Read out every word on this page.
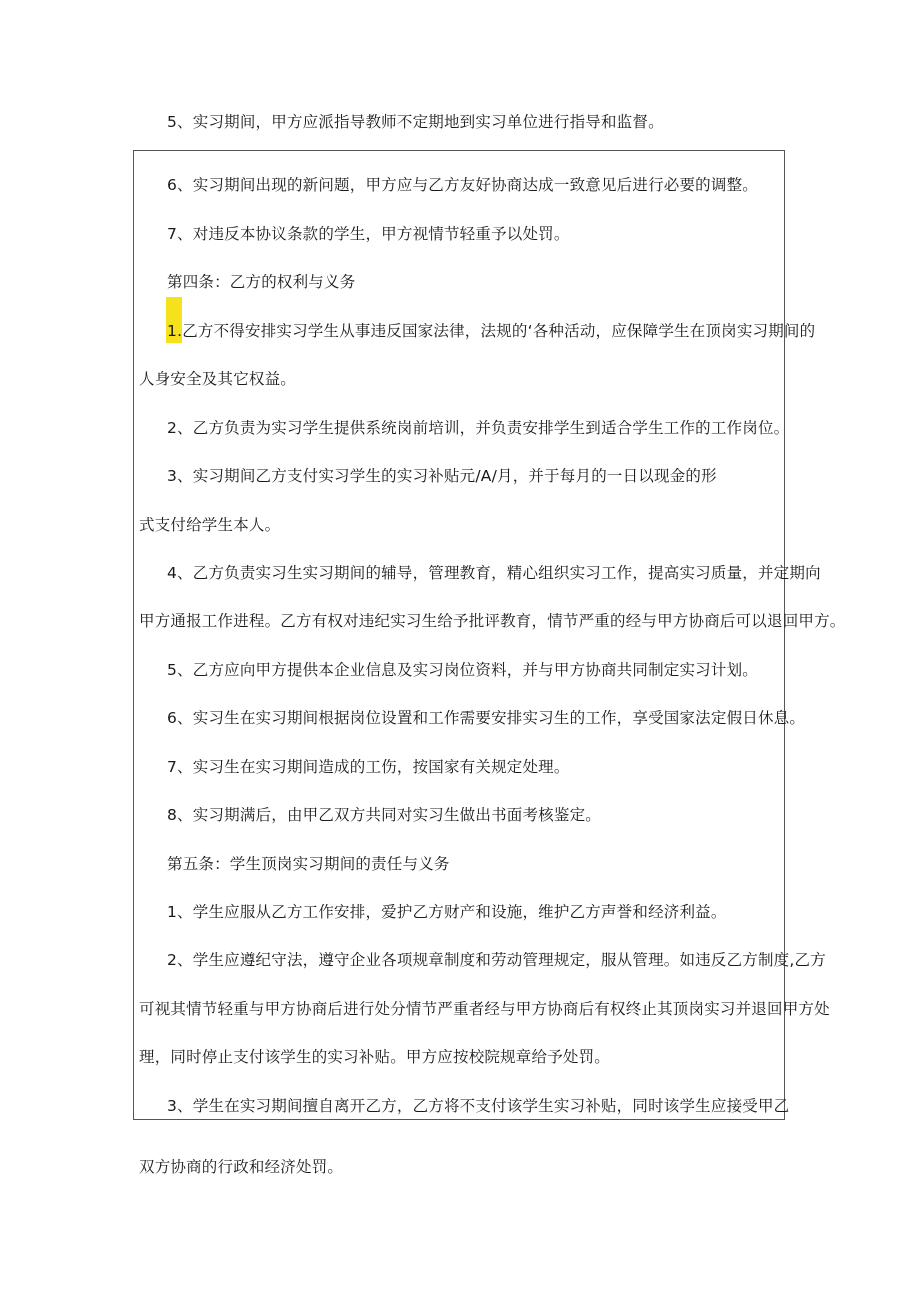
5、实习期间，甲方应派指导教师不定期地到实习单位进行指导和监督。
6、实习期间出现的新问题，甲方应与乙方友好协商达成一致意见后进行必要的调整。
7、对违反本协议条款的学生，甲方视情节轻重予以处罚。
第四条：乙方的权利与义务
1.乙方不得安排实习学生从事违反国家法律，法规的‘各种活动，应保障学生在顶岗实习期间的
人身安全及其它权益。
2、乙方负责为实习学生提供系统岗前培训，并负责安排学生到适合学生工作的工作岗位。
3、实习期间乙方支付实习学生的实习补贴元/A/月，并于每月的一日以现金的形
式支付给学生本人。
4、乙方负责实习生实习期间的辅导，管理教育，精心组织实习工作，提高实习质量，并定期向
甲方通报工作进程。乙方有权对违纪实习生给予批评教育，情节严重的经与甲方协商后可以退回甲方。
5、乙方应向甲方提供本企业信息及实习岗位资料，并与甲方协商共同制定实习计划。
6、实习生在实习期间根据岗位设置和工作需要安排实习生的工作，享受国家法定假日休息。
7、实习生在实习期间造成的工伤，按国家有关规定处理。
8、实习期满后，由甲乙双方共同对实习生做出书面考核鉴定。
第五条：学生顶岗实习期间的责任与义务
1、学生应服从乙方工作安排，爱护乙方财产和设施，维护乙方声誉和经济利益。
2、学生应遵纪守法，遵守企业各项规章制度和劳动管理规定，服从管理。如违反乙方制度,乙方
可视其情节轻重与甲方协商后进行处分情节严重者经与甲方协商后有权终止其顶岗实习并退回甲方处
理，同时停止支付该学生的实习补贴。甲方应按校院规章给予处罚。
3、学生在实习期间擅自离开乙方，乙方将不支付该学生实习补贴，同时该学生应接受甲乙
双方协商的行政和经济处罚。
